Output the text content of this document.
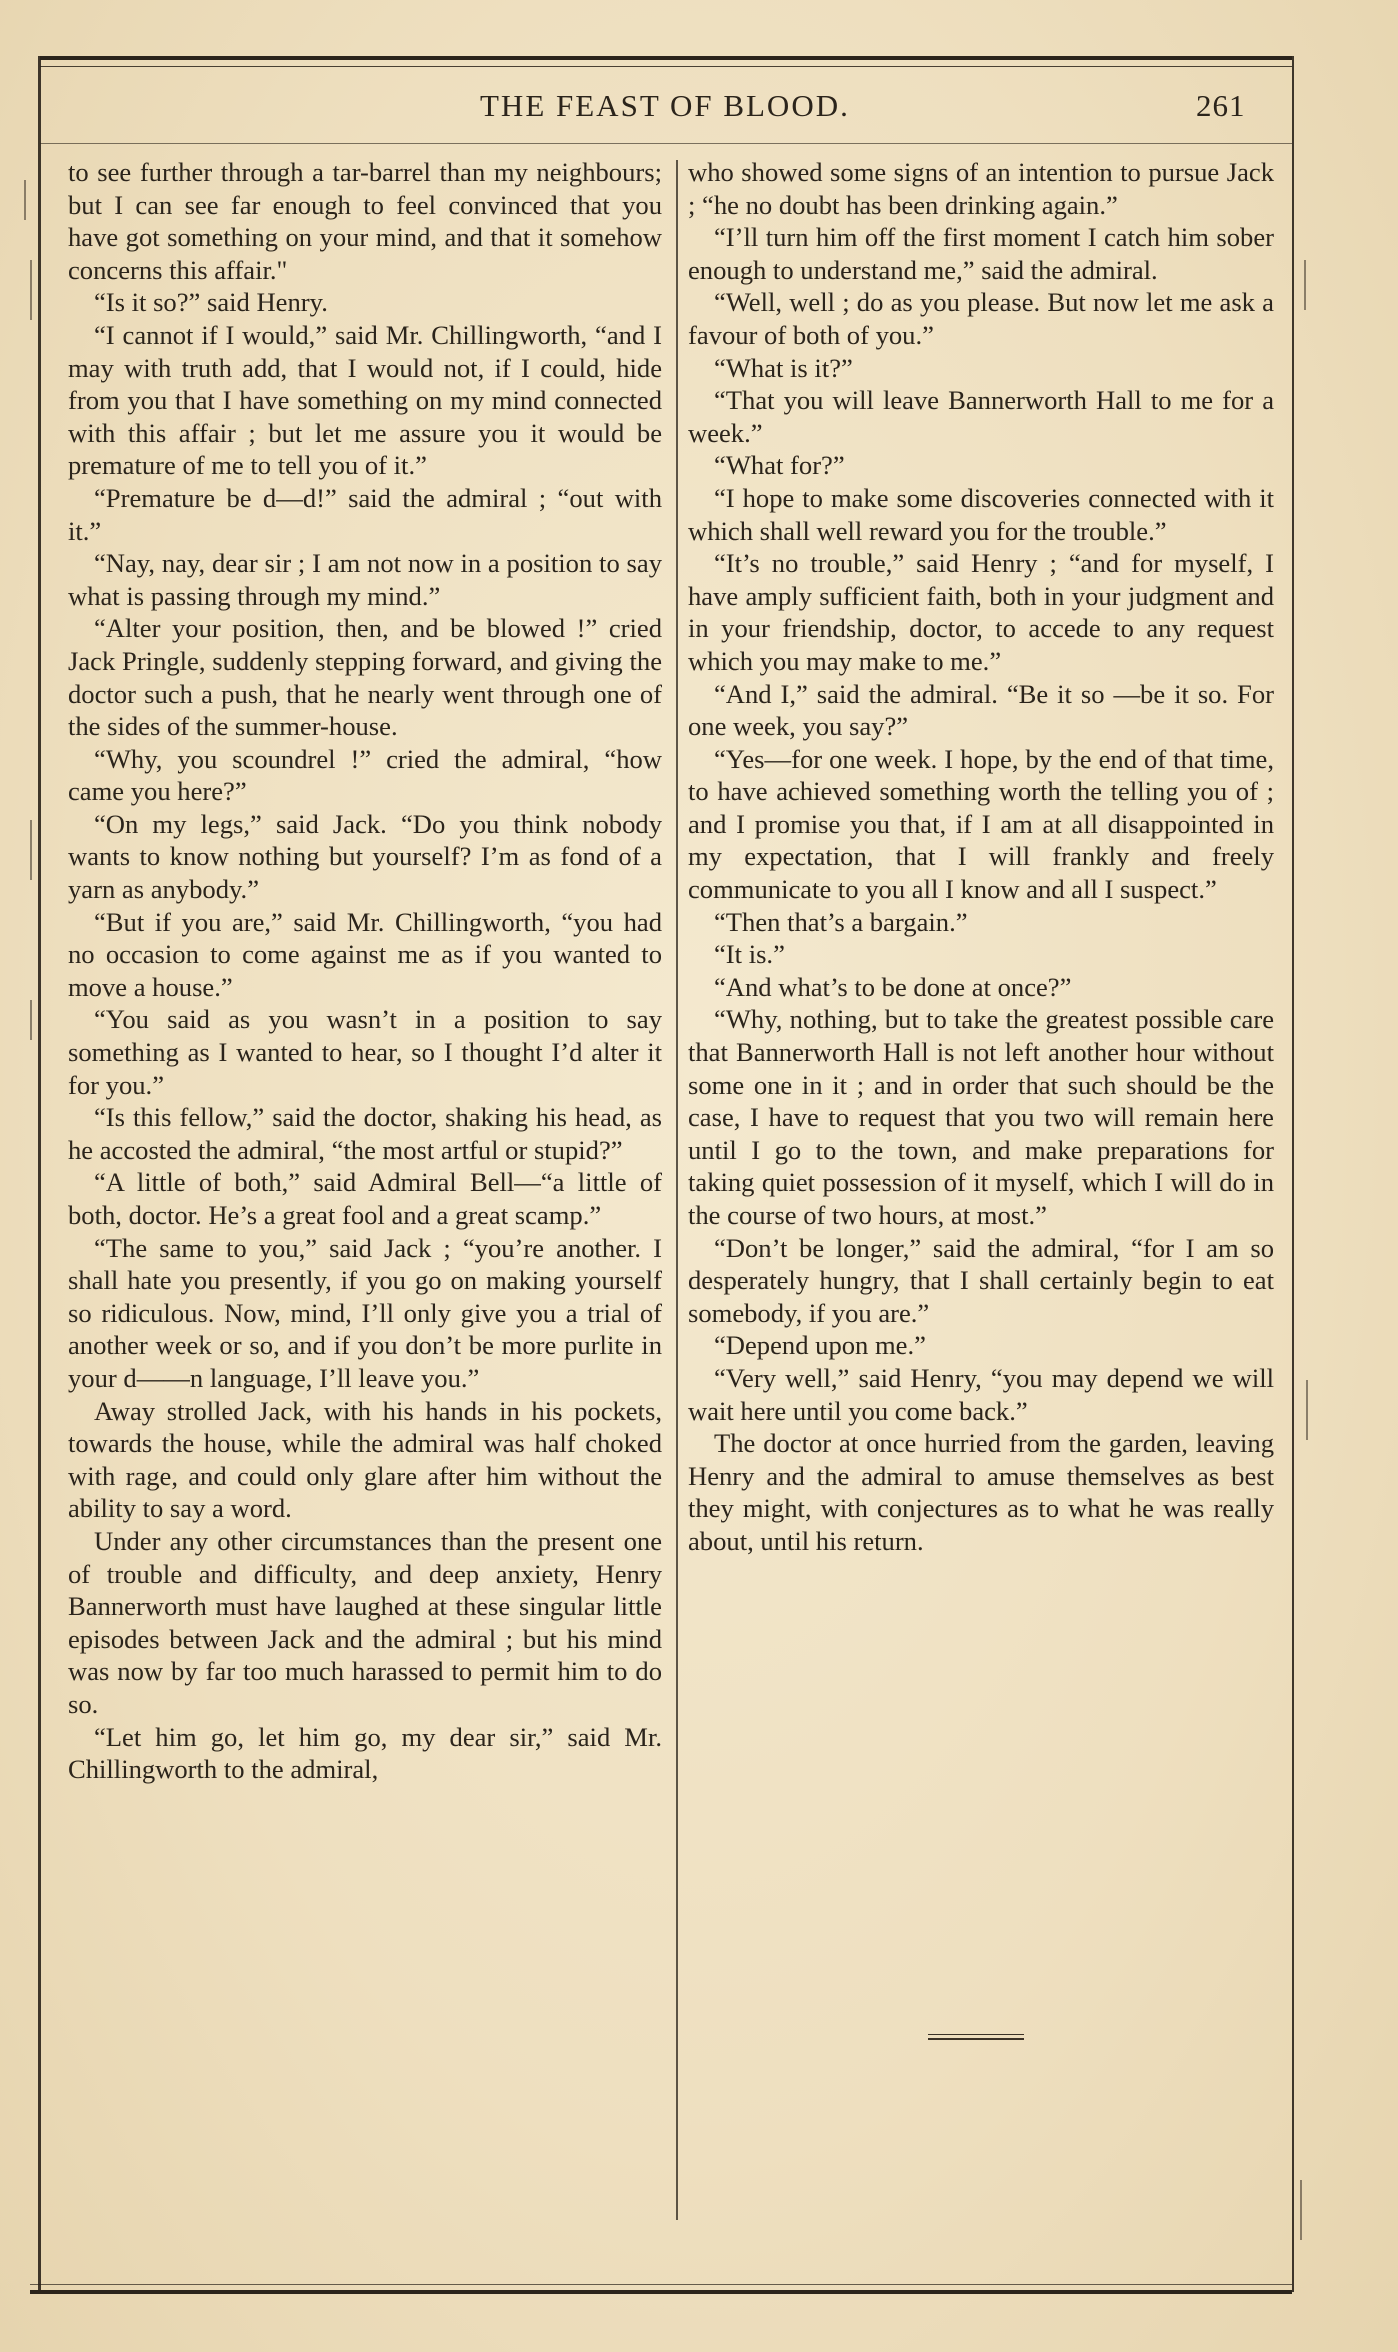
THE FEAST OF BLOOD.	261

to see further through a tar-barrel than my neighbours; but I can see far enough to feel convinced that you have got something on your mind, and that it somehow concerns this affair."

“Is it so?” said Henry.

“I cannot if I would,” said Mr. Chillingworth, “and I may with truth add, that I would not, if I could, hide from you that I have something on my mind connected with this affair ; but let me assure you it would be premature of me to tell you of it.”

“Premature be d—d!” said the admiral ; “out with it.”

“Nay, nay, dear sir ; I am not now in a position to say what is passing through my mind.”

“Alter your position, then, and be blowed !” cried Jack Pringle, suddenly stepping forward, and giving the doctor such a push, that he nearly went through one of the sides of the summer-house.

“Why, you scoundrel !” cried the admiral, “how came you here?”

“On my legs,” said Jack. “Do you think nobody wants to know nothing but yourself? I’m as fond of a yarn as anybody.”

“But if you are,” said Mr. Chillingworth, “you had no occasion to come against me as if you wanted to move a house.”

“You said as you wasn’t in a position to say something as I wanted to hear, so I thought I’d alter it for you.”

“Is this fellow,” said the doctor, shaking his head, as he accosted the admiral, “the most artful or stupid?”

“A little of both,” said Admiral Bell—“a little of both, doctor. He’s a great fool and a great scamp.”

“The same to you,” said Jack ; “you’re another. I shall hate you presently, if you go on making yourself so ridiculous. Now, mind, I’ll only give you a trial of another week or so, and if you don’t be more purlite in your d——n language, I’ll leave you.”

Away strolled Jack, with his hands in his pockets, towards the house, while the admiral was half choked with rage, and could only glare after him without the ability to say a word.

Under any other circumstances than the present one of trouble and difficulty, and deep anxiety, Henry Bannerworth must have laughed at these singular little episodes between Jack and the admiral ; but his mind was now by far too much harassed to permit him to do so.

“Let him go, let him go, my dear sir,” said Mr. Chillingworth to the admiral,

who showed some signs of an intention to pursue Jack ; “he no doubt has been drinking again.”

“I’ll turn him off the first moment I catch him sober enough to understand me,” said the admiral.

“Well, well ; do as you please. But now let me ask a favour of both of you.”

“What is it?”

“That you will leave Bannerworth Hall to me for a week.”

“What for?”

“I hope to make some discoveries connected with it which shall well reward you for the trouble.”

“It’s no trouble,” said Henry ; “and for myself, I have amply sufficient faith, both in your judgment and in your friendship, doctor, to accede to any request which you may make to me.”

“And I,” said the admiral. “Be it so —be it so. For one week, you say?”

“Yes—for one week. I hope, by the end of that time, to have achieved something worth the telling you of ; and I promise you that, if I am at all disappointed in my expectation, that I will frankly and freely communicate to you all I know and all I suspect.”

“Then that’s a bargain.”

“It is.”

“And what’s to be done at once?”

“Why, nothing, but to take the greatest possible care that Bannerworth Hall is not left another hour without some one in it ; and in order that such should be the case, I have to request that you two will remain here until I go to the town, and make preparations for taking quiet possession of it myself, which I will do in the course of two hours, at most.”

“Don’t be longer,” said the admiral, “for I am so desperately hungry, that I shall certainly begin to eat somebody, if you are.”

“Depend upon me.”

“Very well,” said Henry, “you may depend we will wait here until you come back.”

The doctor at once hurried from the garden, leaving Henry and the admiral to amuse themselves as best they might, with conjectures as to what he was really about, until his return.
